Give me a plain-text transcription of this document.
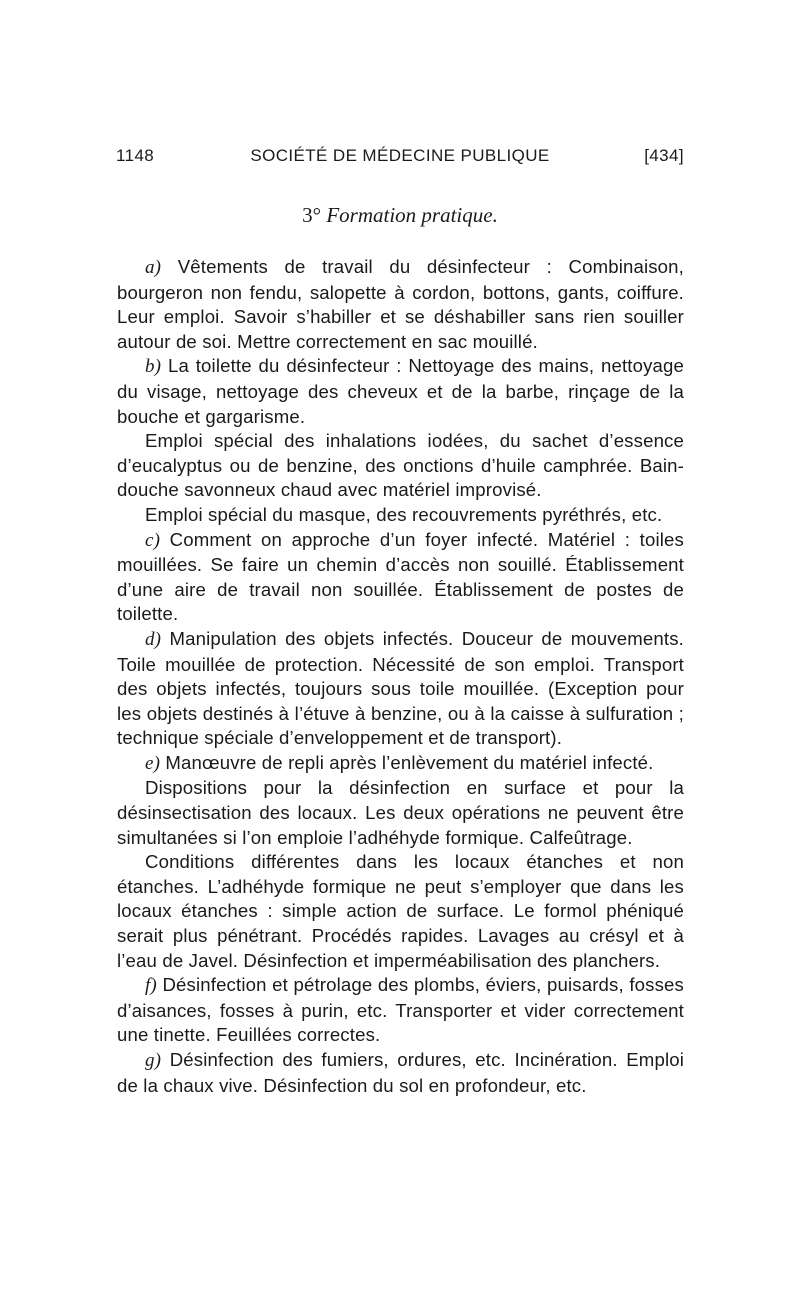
1148	SOCIÉTÉ DE MÉDECINE PUBLIQUE	[434]
3° Formation pratique.

a) Vêtements de travail du désinfecteur : Combinaison, bourgeron non fendu, salopette à cordon, bottons, gants, coiffure. Leur emploi. Savoir s’habiller et se déshabiller sans rien souiller autour de soi. Mettre correctement en sac mouillé.

b) La toilette du désinfecteur : Nettoyage des mains, nettoyage du visage, nettoyage des cheveux et de la barbe, rinçage de la bouche et gargarisme.

Emploi spécial des inhalations iodées, du sachet d’essence d’eucalyptus ou de benzine, des onctions d’huile camphrée. Bain-douche savonneux chaud avec matériel improvisé.

Emploi spécial du masque, des recouvrements pyréthrés, etc.

c) Comment on approche d’un foyer infecté. Matériel : toiles mouillées. Se faire un chemin d’accès non souillé. Établissement d’une aire de travail non souillée. Établissement de postes de toilette.

d) Manipulation des objets infectés. Douceur de mouvements. Toile mouillée de protection. Nécessité de son emploi. Transport des objets infectés, toujours sous toile mouillée. (Exception pour les objets destinés à l’étuve à benzine, ou à la caisse à sulfuration ; technique spéciale d’enveloppement et de transport).

e) Manœuvre de repli après l’enlèvement du matériel infecté.

Dispositions pour la désinfection en surface et pour la désinsectisation des locaux. Les deux opérations ne peuvent être simultanées si l’on emploie l’adhéhyde formique. Calfeûtrage.

Conditions différentes dans les locaux étanches et non étanches. L’adhéhyde formique ne peut s’employer que dans les locaux étanches : simple action de surface. Le formol phéniqué serait plus pénétrant. Procédés rapides. Lavages au crésyl et à l’eau de Javel. Désinfection et imperméabilisation des planchers.

f) Désinfection et pétrolage des plombs, éviers, puisards, fosses d’aisances, fosses à purin, etc. Transporter et vider correctement une tinette. Feuillées correctes.

g) Désinfection des fumiers, ordures, etc. Incinération. Emploi de la chaux vive. Désinfection du sol en profondeur, etc.
